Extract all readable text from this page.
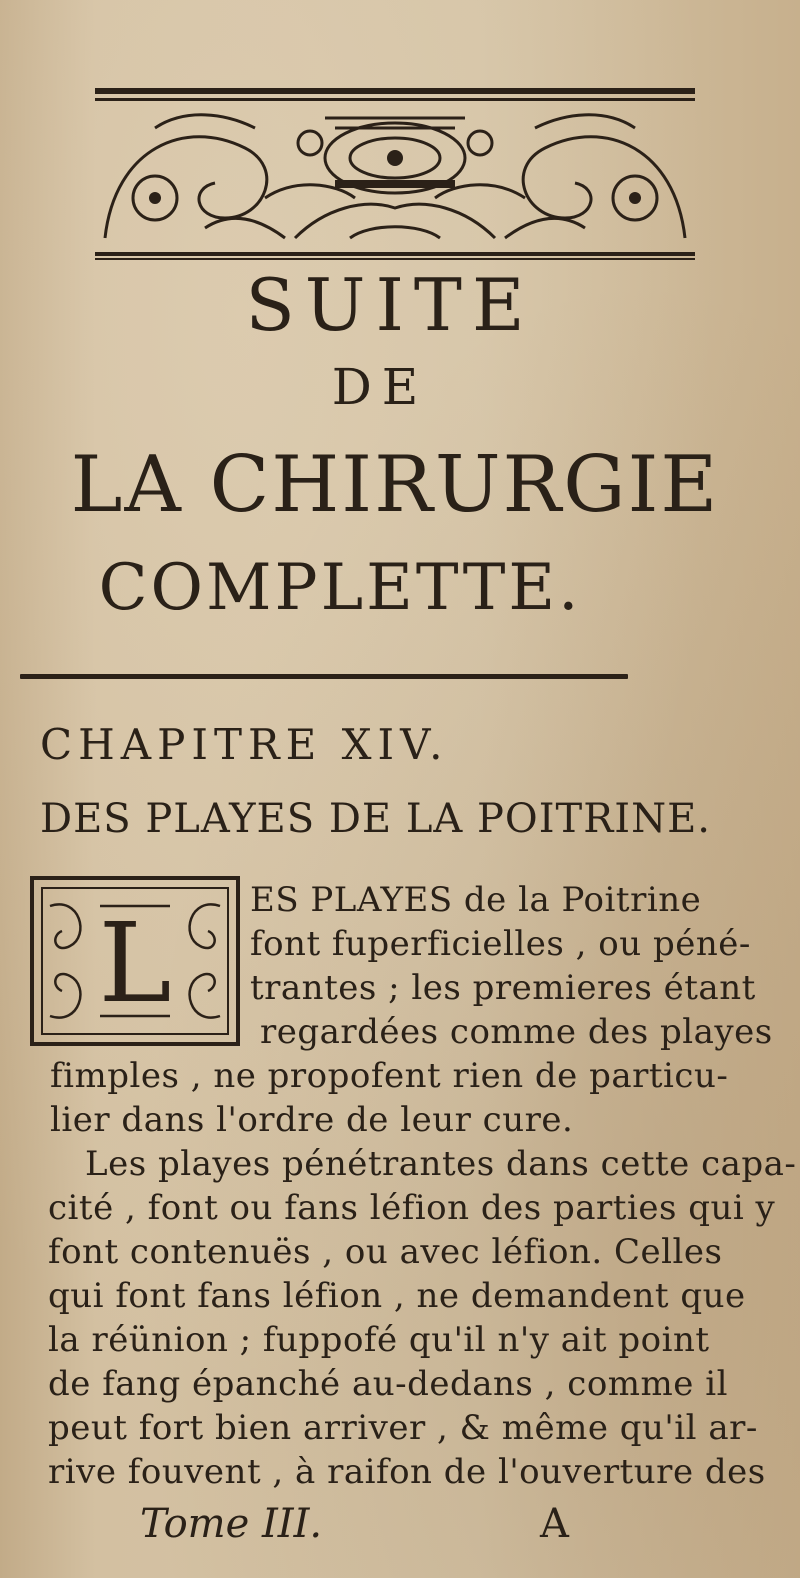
SUITE
DE
LA CHIRURGIE
COMPLETTE.
CHAPITRE XIV.
DES PLAYES DE LA POITRINE.
L ES PLAYES de la Poitrine
font fuperficielles , ou péné-
trantes ; les premieres étant
regardées comme des playes
fimples , ne propofent rien de particu-
lier dans l'ordre de leur cure.
Les playes pénétrantes dans cette capa-
cité , font ou fans léfion des parties qui y
font contenuës , ou avec léfion. Celles
qui font fans léfion , ne demandent que
la réünion ; fuppofé qu'il n'y ait point
de fang épanché au-dedans , comme il
peut fort bien arriver , & même qu'il ar-
rive fouvent , à raifon de l'ouverture des
Tome III.	A
